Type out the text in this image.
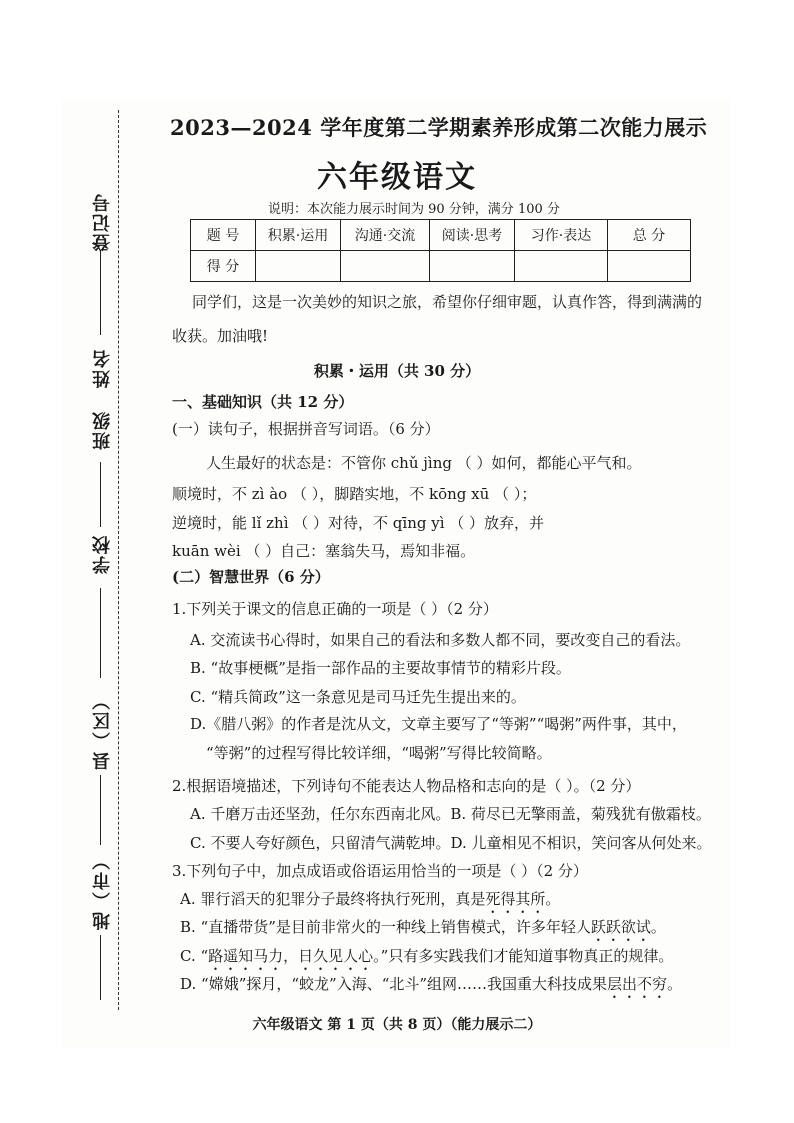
登记号
姓名
班级
学校
县（区）
地（市）
2023—2024 学年度第二学期素养形成第二次能力展示
六年级语文
说明：本次能力展示时间为 90 分钟，满分 100 分
题 号	积累·运用	沟通·交流	阅读·思考	习作·表达	总 分
得 分					
同学们，这是一次美妙的知识之旅，希望你仔细审题，认真作答，得到满满的
收获。加油哦!
积累・运用（共 30 分）
一、基础知识（共 12 分）
(一）读句子，根据拼音写词语。（6 分）
人生最好的状态是：不管你 chǔ jìng （ ）如何，都能心平气和。
顺境时，不 zì ào （ ），脚踏实地，不 kōng xū （ ）；
逆境时，能 lǐ zhì （ ）对待，不 qīng yì （ ）放弃，并
kuān wèi （ ）自己：塞翁失马，焉知非福。
(二）智慧世界（6 分）
1.下列关于课文的信息正确的一项是（ ）（2 分）
A. 交流读书心得时，如果自己的看法和多数人都不同，要改变自己的看法。
B. “故事梗概”是指一部作品的主要故事情节的精彩片段。
C. “精兵简政”这一条意见是司马迁先生提出来的。
D.《腊八粥》的作者是沈从文，文章主要写了“等粥”“喝粥”两件事，其中，
“等粥”的过程写得比较详细，“喝粥”写得比较简略。
2.根据语境描述，下列诗句不能表达人物品格和志向的是（ ）。（2 分）
A. 千磨万击还坚劲，任尔东西南北风。B. 荷尽已无擎雨盖，菊残犹有傲霜枝。
C. 不要人夸好颜色，只留清气满乾坤。D. 儿童相见不相识，笑问客从何处来。
3.下列句子中，加点成语或俗语运用恰当的一项是（ ）（2 分）
A. 罪行滔天的犯罪分子最终将执行死刑，真是死得其所。
B. “直播带货”是目前非常火的一种线上销售模式，许多年轻人跃跃欲试。
C. “路遥知马力，日久见人心。”只有多实践我们才能知道事物真正的规律。
D. “嫦娥”探月，“蛟龙”入海、“北斗”组网……我国重大科技成果层出不穷。
六年级语文 第 1 页（共 8 页）（能力展示二）
